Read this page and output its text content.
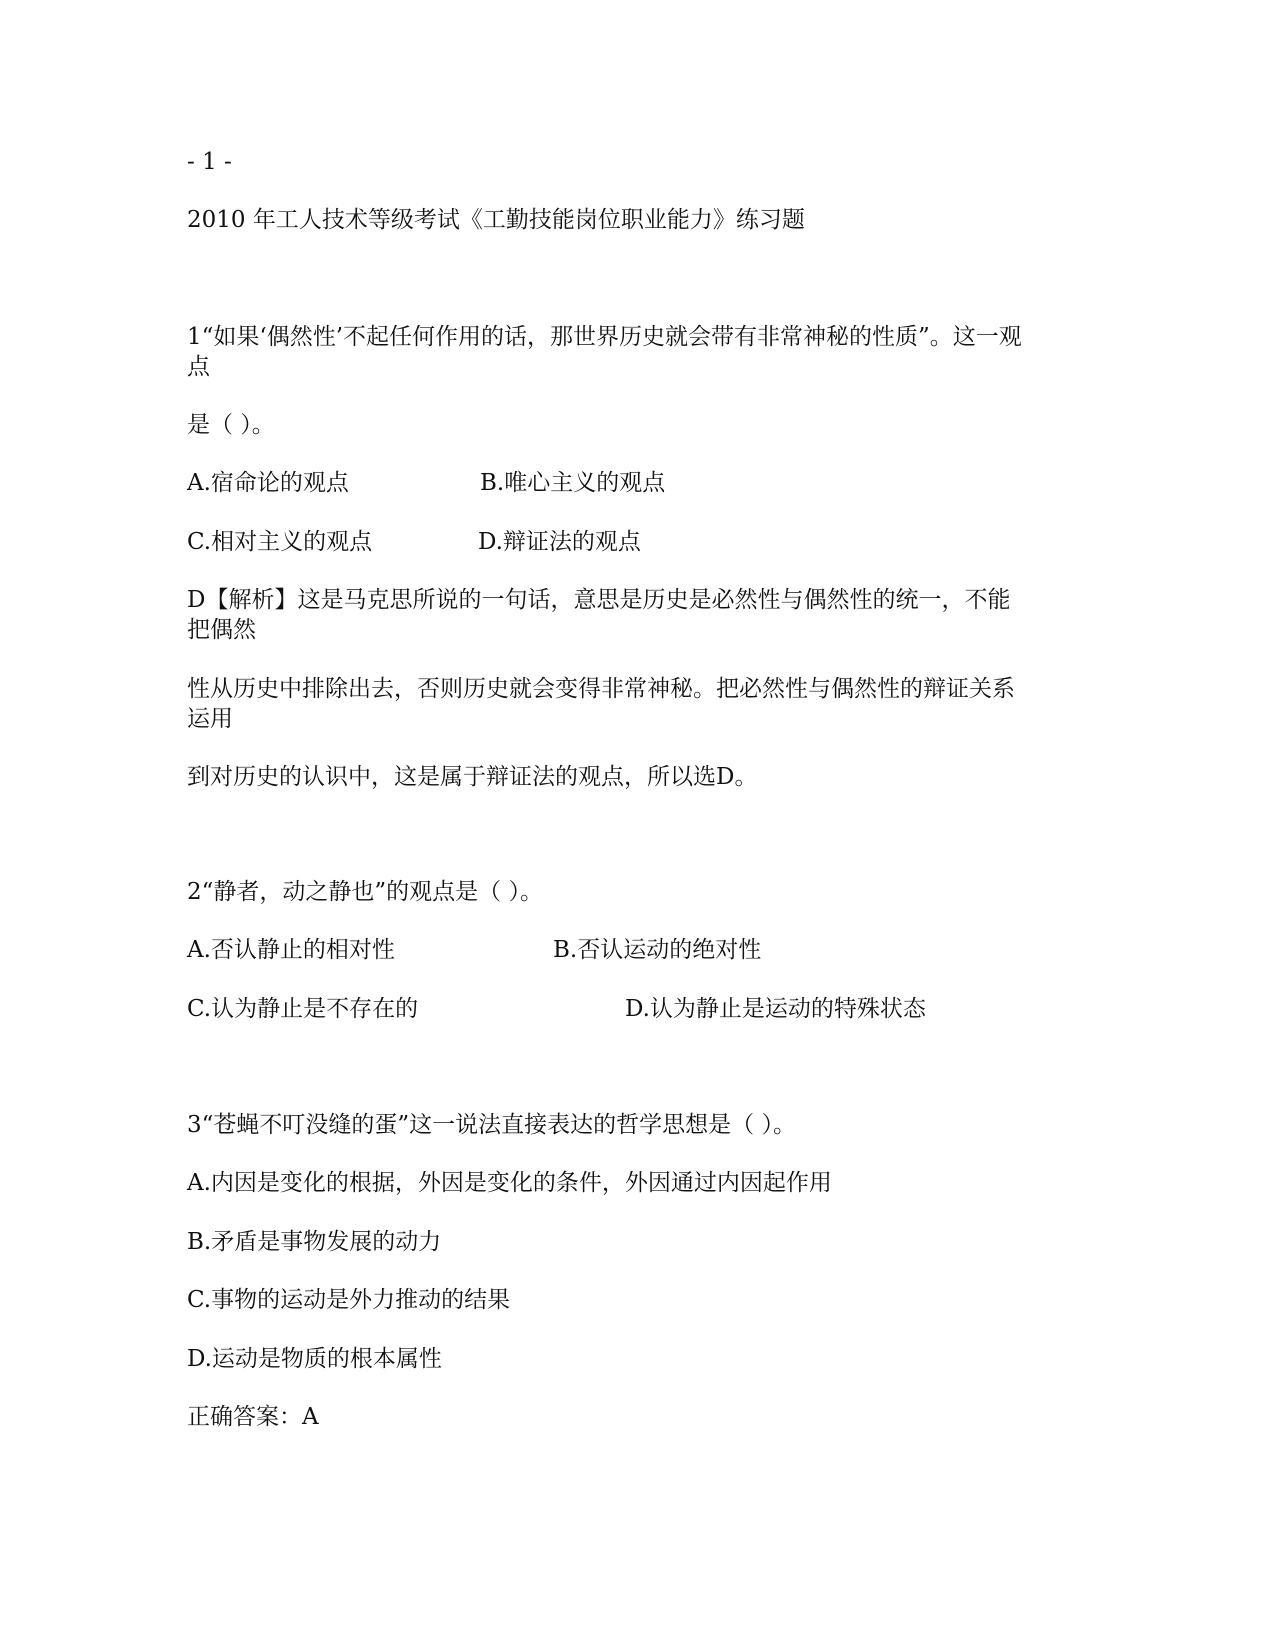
- 1 -
2010 年工人技术等级考试《工勤技能岗位职业能力》练习题
1“如果‘偶然性’不起任何作用的话，那世界历史就会带有非常神秘的性质”。这一观
点
是（ ）。
A.宿命论的观点	B.唯心主义的观点
C.相对主义的观点	D.辩证法的观点
D【解析】这是马克思所说的一句话，意思是历史是必然性与偶然性的统一，不能
把偶然
性从历史中排除出去，否则历史就会变得非常神秘。把必然性与偶然性的辩证关系
运用
到对历史的认识中，这是属于辩证法的观点，所以选D。
2“静者，动之静也”的观点是（ ）。
A.否认静止的相对性	B.否认运动的绝对性
C.认为静止是不存在的	D.认为静止是运动的特殊状态
3“苍蝇不叮没缝的蛋”这一说法直接表达的哲学思想是（ ）。
A.内因是变化的根据，外因是变化的条件，外因通过内因起作用
B.矛盾是事物发展的动力
C.事物的运动是外力推动的结果
D.运动是物质的根本属性
正确答案：A
